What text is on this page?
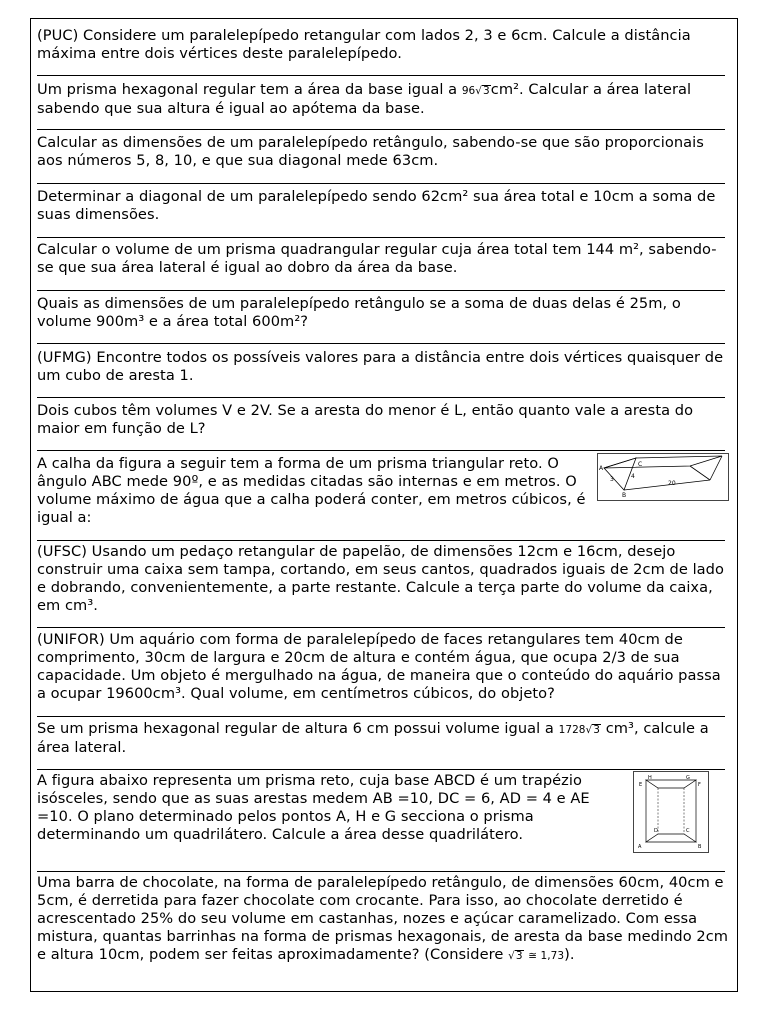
(PUC) Considere um paralelepípedo retangular com lados 2, 3 e 6cm. Calcule a distância máxima entre dois vértices deste paralelepípedo.

Um prisma hexagonal regular tem a área da base igual a 96√3cm². Calcular a área lateral sabendo que sua altura é igual ao apótema da base.

Calcular as dimensões de um paralelepípedo retângulo, sabendo-se que são proporcionais aos números 5, 8, 10, e que sua diagonal mede 63cm.

Determinar a diagonal de um paralelepípedo sendo 62cm² sua área total e 10cm a soma de suas dimensões.

Calcular o volume de um prisma quadrangular regular cuja área total tem 144 m², sabendo-se que sua área lateral é igual ao dobro da área da base.

Quais as dimensões de um paralelepípedo retângulo se a soma de duas delas é 25m, o volume 900m³ e a área total 600m²?

(UFMG) Encontre todos os possíveis valores para a distância entre dois vértices quaisquer de um cubo de aresta 1.

Dois cubos têm volumes V e 2V. Se a aresta do menor é L, então quanto vale a aresta do maior em função de L?

A calha da figura a seguir tem a forma de um prisma triangular reto. O ângulo ABC mede 90º, e as medidas citadas são internas e em metros. O volume máximo de água que a calha poderá conter, em metros cúbicos, é igual a:

A
B
C
3	4
20

(UFSC) Usando um pedaço retangular de papelão, de dimensões 12cm e 16cm, desejo construir uma caixa sem tampa, cortando, em seus cantos, quadrados iguais de 2cm de lado e dobrando, convenientemente, a parte restante. Calcule a terça parte do volume da caixa, em cm³.

(UNIFOR) Um aquário com forma de paralelepípedo de faces retangulares tem 40cm de comprimento, 30cm de largura e 20cm de altura e contém água, que ocupa 2/3 de sua capacidade. Um objeto é mergulhado na água, de maneira que o conteúdo do aquário passa a ocupar 19600cm³. Qual volume, em centímetros cúbicos, do objeto?

Se um prisma hexagonal regular de altura 6 cm possui volume igual a 1728√3 cm³, calcule a área lateral.

A figura abaixo representa um prisma reto, cuja base ABCD é um trapézio isósceles, sendo que as suas arestas medem AB =10, DC = 6, AD = 4 e AE =10. O plano determinado pelos pontos A, H e G secciona o prisma determinando um quadrilátero. Calcule a área desse quadrilátero.

H
E
G
F
D	C
A	B

Uma barra de chocolate, na forma de paralelepípedo retângulo, de dimensões 60cm, 40cm e 5cm, é derretida para fazer chocolate com crocante. Para isso, ao chocolate derretido é acrescentado 25% do seu volume em castanhas, nozes e açúcar caramelizado. Com essa mistura, quantas barrinhas na forma de prismas hexagonais, de aresta da base medindo 2cm e altura 10cm, podem ser feitas aproximadamente? (Considere √3 ≅ 1,73).
